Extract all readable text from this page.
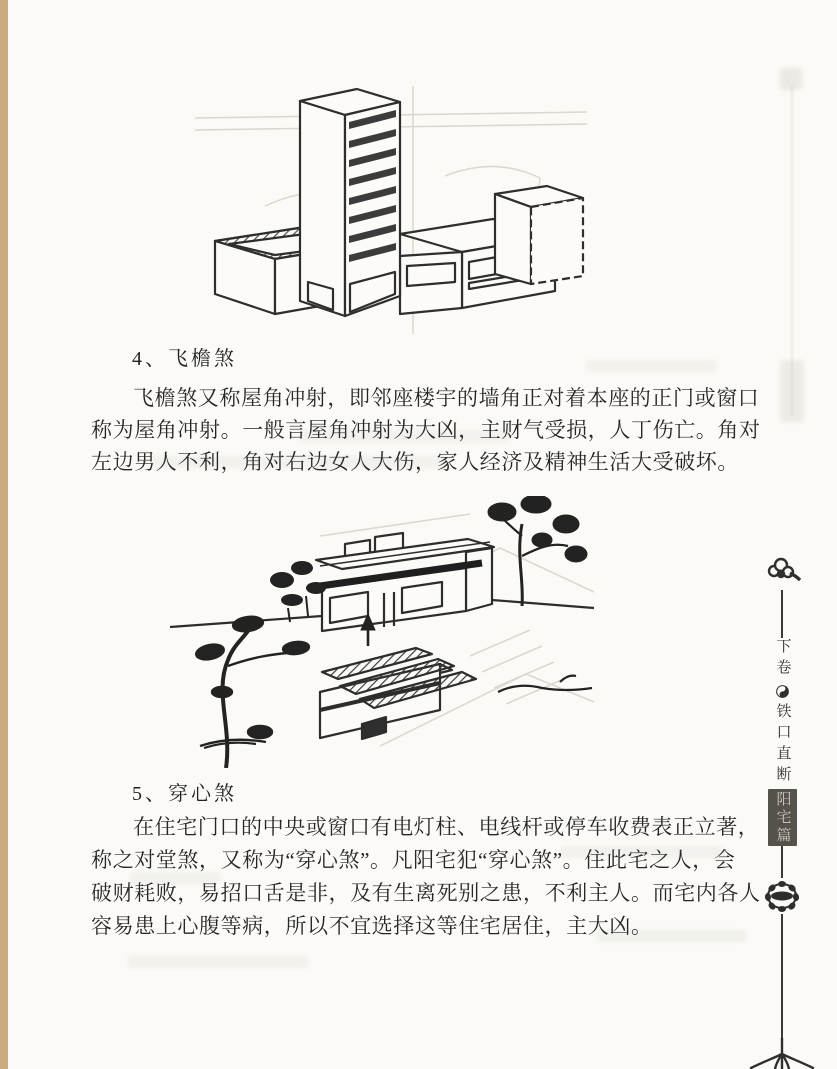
4、飞檐煞
飞檐煞又称屋角冲射，即邻座楼宇的墙角正对着本座的正门或窗口
称为屋角冲射。一般言屋角冲射为大凶，主财气受损，人丁伤亡。角对
左边男人不利，角对右边女人大伤，家人经济及精神生活大受破坏。
5、穿心煞
在住宅门口的中央或窗口有电灯柱、电线杆或停车收费表正立著，
称之对堂煞，又称为“穿心煞”。凡阳宅犯“穿心煞”。住此宅之人，会
破财耗败，易招口舌是非，及有生离死别之患，不利主人。而宅内各人
容易患上心腹等病，所以不宜选择这等住宅居住，主大凶。
下卷
铁口直断
阳宅篇
